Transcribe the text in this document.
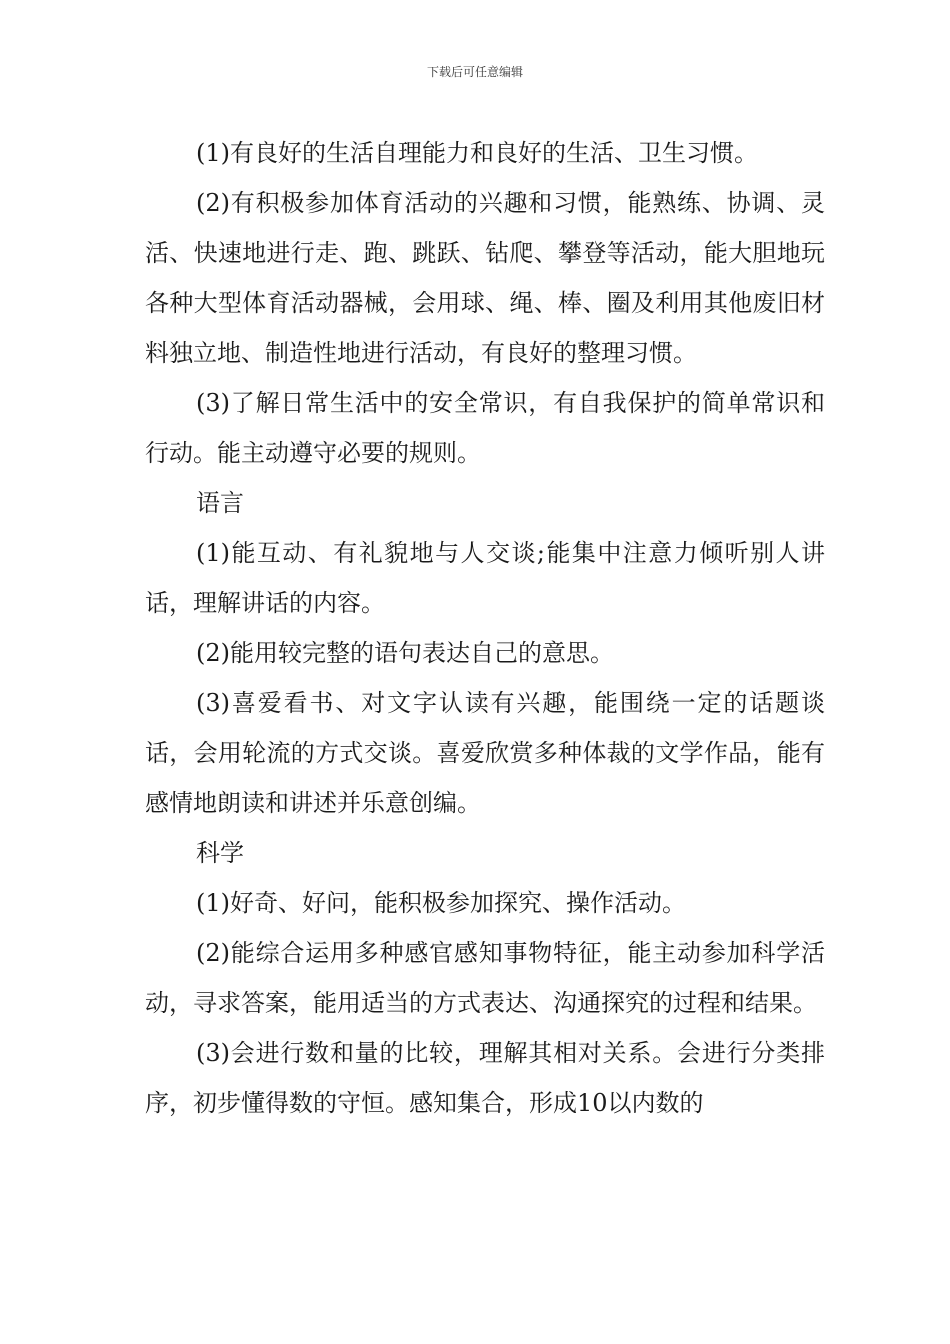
下载后可任意编辑

(1)有良好的生活自理能力和良好的生活、卫生习惯。

(2)有积极参加体育活动的兴趣和习惯，能熟练、协调、灵活、快速地进行走、跑、跳跃、钻爬、攀登等活动，能大胆地玩各种大型体育活动器械，会用球、绳、棒、圈及利用其他废旧材料独立地、制造性地进行活动，有良好的整理习惯。

(3)了解日常生活中的安全常识，有自我保护的简单常识和行动。能主动遵守必要的规则。

语言

(1)能互动、有礼貌地与人交谈;能集中注意力倾听别人讲话，理解讲话的内容。

(2)能用较完整的语句表达自己的意思。

(3)喜爱看书、对文字认读有兴趣，能围绕一定的话题谈话，会用轮流的方式交谈。喜爱欣赏多种体裁的文学作品，能有感情地朗读和讲述并乐意创编。

科学

(1)好奇、好问，能积极参加探究、操作活动。

(2)能综合运用多种感官感知事物特征，能主动参加科学活动，寻求答案，能用适当的方式表达、沟通探究的过程和结果。

(3)会进行数和量的比较，理解其相对关系。会进行分类排序，初步懂得数的守恒。感知集合，形成10以内数的
